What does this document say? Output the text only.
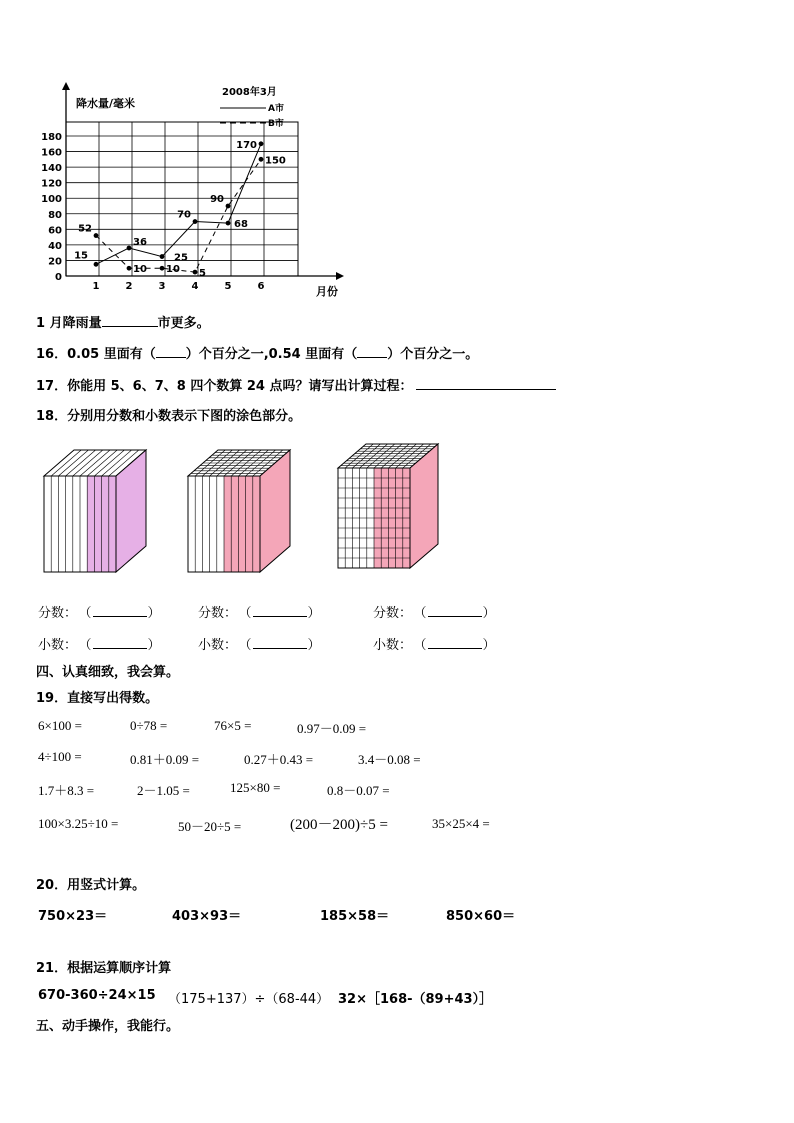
0
20
40
60
80
100
120
140
160
180
1	2	3	4	5	6
15
36
25
70
68
170
52
10 10 5
90
150
降水量/毫米
2008年3月
A市
B市
月份
1 月降雨量	市更多。
16．0.05 里面有（ ）个百分之一,0.54 里面有（ ）个百分之一。
17．你能用 5、6、7、8 四个数算 24 点吗？请写出计算过程：
18．分别用分数和小数表示下图的涂色部分。
分数： （	）	分数： （	）	分数： （	）
小数： （	）	小数： （	）	小数： （	）
四、认真细致，我会算。
19．直接写出得数。
6×100 =	0÷78 =	76×5 =	0.97－0.09 =
4÷100 =	0.81＋0.09 =	0.27＋0.43 =	3.4－0.08 =
1.7＋8.3 =	2－1.05 =	125×80 =	0.8－0.07 =
100×3.25÷10 =	50－20÷5 =	(200－200)÷5 =	35×25×4 =
20．用竖式计算。
750×23＝	403×93＝	185×58＝	850×60＝
21．根据运算顺序计算
670-360÷24×15 （175+137）÷（68-44） 32×［168-（89+43）］
五、动手操作，我能行。
